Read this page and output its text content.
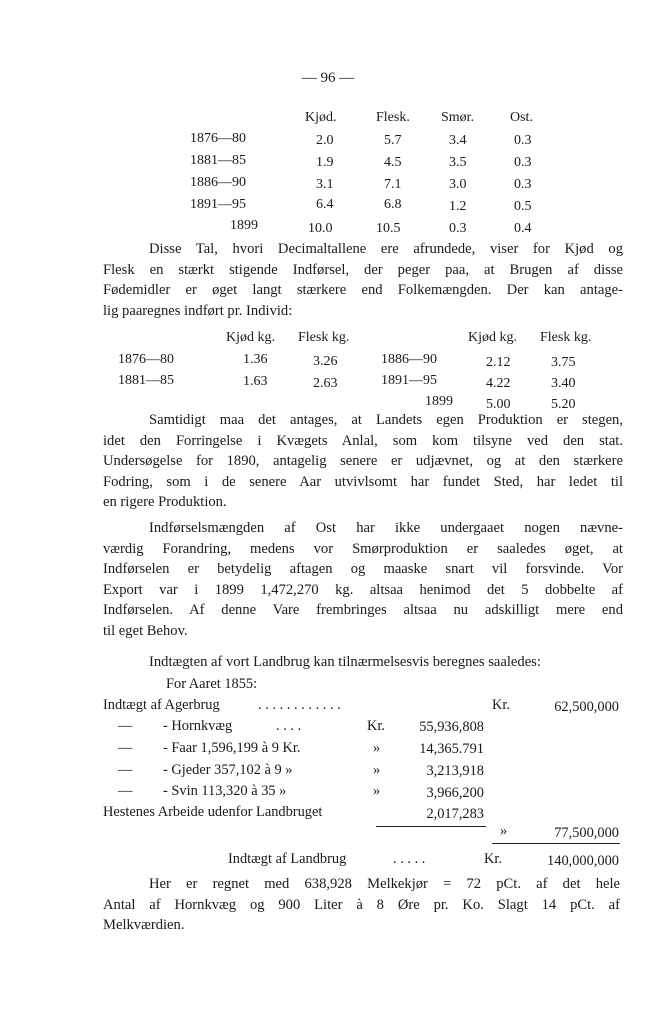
— 96 —
Kjød.	Flesk. Smør.	Ost.
1876—80	2.0	5.7	3.4	0.3
1881—85	1.9	4.5	3.5	0.3
1886—90	3.1	7.1	3.0	0.3
1891—95	6.4	6.8	1.2	0.5
1899	10.0	10.5	0.3	0.4
Disse Tal, hvori Decimaltallene ere afrundede, viser for Kjød og
Flesk en stærkt stigende Indførsel, der peger paa, at Brugen af disse
Fødemidler er øget langt stærkere end Folkemængden. Der kan antage-
lig paaregnes indført pr. Individ:
Kjød kg. Flesk kg.	Kjød kg. Flesk kg.
1876—80	1.36	3.26
1881—85	1.63	2.63
1886—90	2.12	3.75
1891—95	4.22	3.40
1899 5.00	5.20
Samtidigt maa det antages, at Landets egen Produktion er stegen,
idet den Forringelse i Kvægets Anlal, som kom tilsyne ved den stat.
Undersøgelse for 1890, antagelig senere er udjævnet, og at den stærkere
Fodring, som i de senere Aar utvivlsomt har fundet Sted, har ledet til
en rigere Produktion.
Indførselsmængden af Ost har ikke undergaaet nogen nævne-
værdig Forandring, medens vor Smørproduktion er saaledes øget, at
Indførselen er betydelig aftagen og maaske snart vil forsvinde. Vor
Export var i 1899 1,472,270 kg. altsaa henimod det 5 dobbelte af
Indførselen. Af denne Vare frembringes altsaa nu adskilligt mere end
til eget Behov.
Indtægten af vort Landbrug kan tilnærmelsesvis beregnes saaledes:
For Aaret 1855:
Indtægt af Agerbrug	. . . . . . . . . . . .	Kr.	62,500,000
— - Hornkvæg	. . . .	Kr.	55,936,808
— - Faar 1,596,199 à 9 Kr.	»	14,365.791
— - Gjeder 357,102 à 9 »	»	3,213,918
— - Svin 113,320 à 35 »	»	3,966,200
Hestenes Arbeide udenfor Landbruget	2,017,283
»	77,500,000
Indtægt af Landbrug	. . . . .	Kr.	140,000,000
Her er regnet med 638,928 Melkekjør = 72 pCt. af det hele
Antal af Hornkvæg og 900 Liter à 8 Øre pr. Ko. Slagt 14 pCt. af
Melkværdien.
